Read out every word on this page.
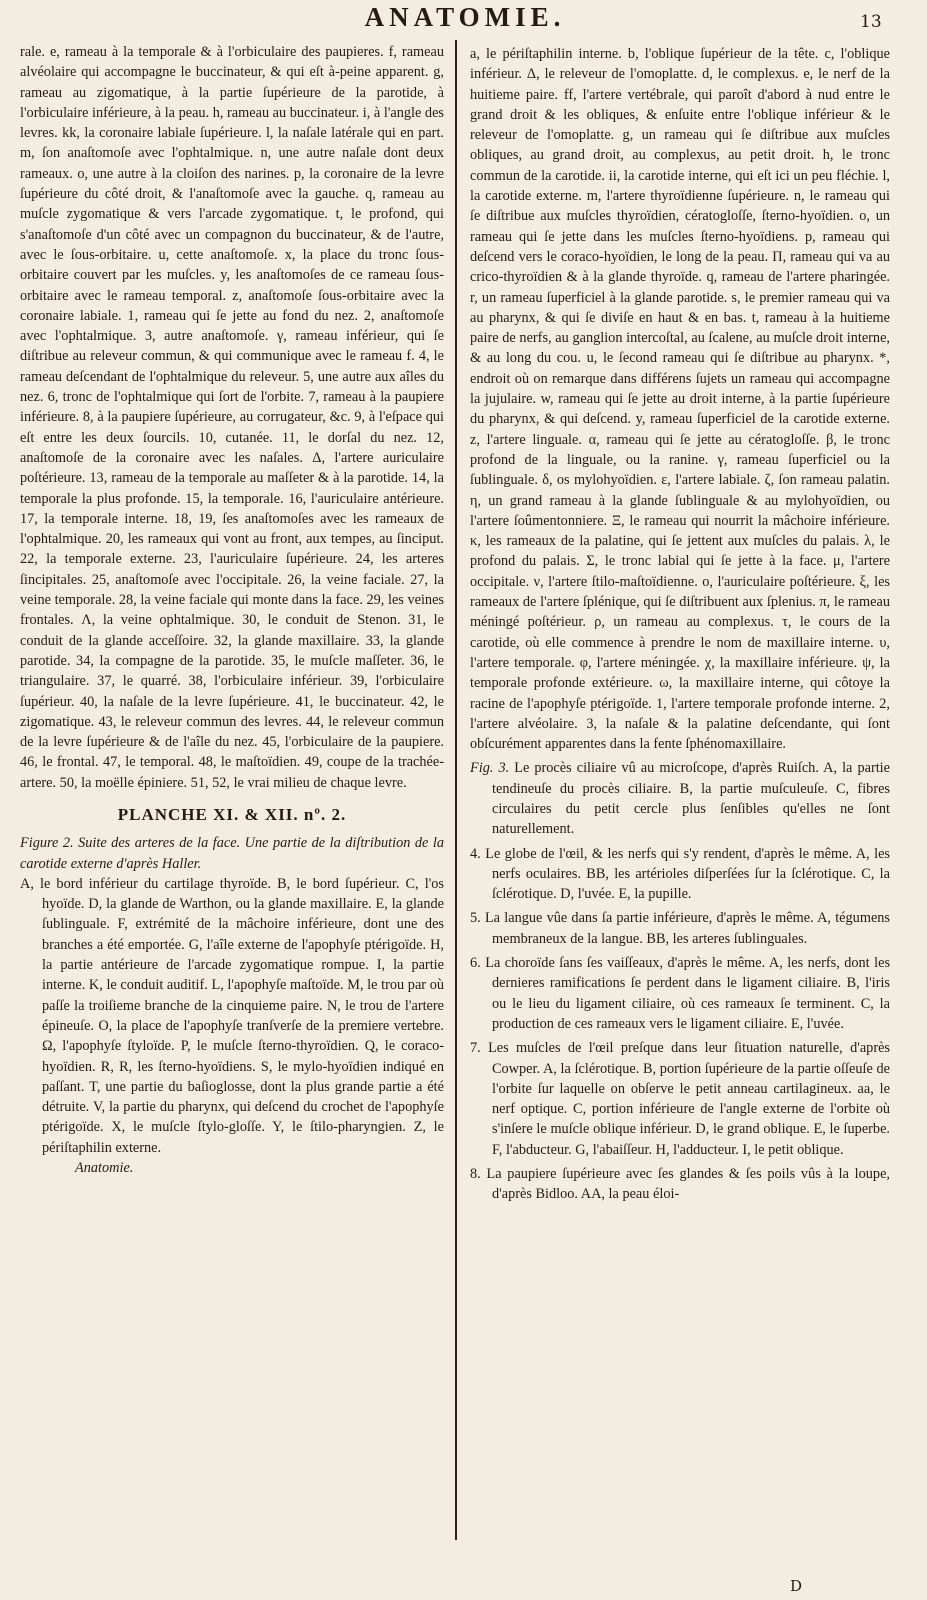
ANATOMIE.	13

rale. e, rameau à la temporale & à l'orbiculaire des paupieres. f, rameau alvéolaire qui accompagne le buccinateur, & qui eſt à-peine apparent. g, rameau au zigomatique, à la partie ſupérieure de la parotide, à l'orbiculaire inférieure, à la peau. h, rameau au buccinateur. i, à l'angle des levres. kk, la coronaire labiale ſupérieure. l, la naſale latérale qui en part. m, ſon anaſtomoſe avec l'ophtalmique. n, une autre naſale dont deux rameaux. o, une autre à la cloiſon des narines. p, la coronaire de la levre ſupérieure du côté droit, & l'anaſtomoſe avec la gauche. q, rameau au muſcle zygomatique & vers l'arcade zygomatique. t, le profond, qui s'anaſtomoſe d'un côté avec un compagnon du buccinateur, & de l'autre, avec le ſous-orbitaire. u, cette anaſtomoſe. x, la place du tronc ſous-orbitaire couvert par les muſcles. y, les anaſtomoſes de ce rameau ſous-orbitaire avec le rameau temporal. z, anaſtomoſe ſous-orbitaire avec la coronaire labiale. 1, rameau qui ſe jette au fond du nez. 2, anaſtomoſe avec l'ophtalmique. 3, autre anaſtomoſe. γ, rameau inférieur, qui ſe diſtribue au releveur commun, & qui communique avec le rameau f. 4, le rameau deſcendant de l'ophtalmique du releveur. 5, une autre aux aîles du nez. 6, tronc de l'ophtalmique qui ſort de l'orbite. 7, rameau à la paupiere inférieure. 8, à la paupiere ſupérieure, au corrugateur, &c. 9, à l'eſpace qui eſt entre les deux ſourcils. 10, cutanée. 11, le dorſal du nez. 12, anaſtomoſe de la coronaire avec les naſales. Δ, l'artere auriculaire poſtérieure. 13, rameau de la temporale au maſſeter & à la parotide. 14, la temporale la plus profonde. 15, la temporale. 16, l'auriculaire antérieure. 17, la temporale interne. 18, 19, ſes anaſtomoſes avec les rameaux de l'ophtalmique. 20, les rameaux qui vont au front, aux tempes, au ſinciput. 22, la temporale externe. 23, l'auriculaire ſupérieure. 24, les arteres ſincipitales. 25, anaſtomoſe avec l'occipitale. 26, la veine faciale. 27, la veine temporale. 28, la veine faciale qui monte dans la face. 29, les veines frontales. Λ, la veine ophtalmique. 30, le conduit de Stenon. 31, le conduit de la glande acceſſoire. 32, la glande maxillaire. 33, la glande parotide. 34, la compagne de la parotide. 35, le muſcle maſſeter. 36, le triangulaire. 37, le quarré. 38, l'orbiculaire inférieur. 39, l'orbiculaire ſupérieur. 40, la naſale de la levre ſupérieure. 41, le buccinateur. 42, le zigomatique. 43, le releveur commun des levres. 44, le releveur commun de la levre ſupérieure & de l'aîle du nez. 45, l'orbiculaire de la paupiere. 46, le frontal. 47, le temporal. 48, le maſtoïdien. 49, coupe de la trachée-artere. 50, la moëlle épiniere. 51, 52, le vrai milieu de chaque levre.

PLANCHE XI. & XII. nº. 2.

Figure 2. Suite des arteres de la face. Une partie de la diſtribution de la carotide externe d'après Haller.

A, le bord inférieur du cartilage thyroïde. B, le bord ſupérieur. C, l'os hyoïde. D, la glande de Warthon, ou la glande maxillaire. E, la glande ſublinguale. F, extrémité de la mâchoire inférieure, dont une des branches a été emportée. G, l'aîle externe de l'apophyſe ptérigoïde. H, la partie antérieure de l'arcade zygomatique rompue. I, la partie interne. K, le conduit auditif. L, l'apophyſe maſtoïde. M, le trou par où paſſe la troiſieme branche de la cinquieme paire. N, le trou de l'artere épineuſe. O, la place de l'apophyſe tranſverſe de la premiere vertebre. Ω, l'apophyſe ſtyloïde. P, le muſcle ſterno-thyroïdien. Q, le coraco-hyoïdien. R, R, les ſterno-hyoïdiens. S, le mylo-hyoïdien indiqué en paſſant. T, une partie du baſioglosse, dont la plus grande partie a été détruite. V, la partie du pharynx, qui deſcend du crochet de l'apophyſe ptérigoïde. X, le muſcle ſtylo-gloſſe. Y, le ſtilo-pharyngien. Z, le périſtaphilin externe.

Anatomie.

a, le périſtaphilin interne. b, l'oblique ſupérieur de la tête. c, l'oblique inférieur. Δ, le releveur de l'omoplatte. d, le complexus. e, le nerf de la huitieme paire. ff, l'artere vertébrale, qui paroît d'abord à nud entre le grand droit & les obliques, & enſuite entre l'oblique inférieur & le releveur de l'omoplatte. g, un rameau qui ſe diſtribue aux muſcles obliques, au grand droit, au complexus, au petit droit. h, le tronc commun de la carotide. ii, la carotide interne, qui eſt ici un peu fléchie. l, la carotide externe. m, l'artere thyroïdienne ſupérieure. n, le rameau qui ſe diſtribue aux muſcles thyroïdien, cératogloſſe, ſterno-hyoïdien. o, un rameau qui ſe jette dans les muſcles ſterno-hyoïdiens. p, rameau qui deſcend vers le coraco-hyoïdien, le long de la peau. Π, rameau qui va au crico-thyroïdien & à la glande thyroïde. q, rameau de l'artere pharingée. r, un rameau ſuperficiel à la glande parotide. s, le premier rameau qui va au pharynx, & qui ſe diviſe en haut & en bas. t, rameau à la huitieme paire de nerfs, au ganglion intercoſtal, au ſcalene, au muſcle droit interne, & au long du cou. u, le ſecond rameau qui ſe diſtribue au pharynx. *, endroit où on remarque dans différens ſujets un rameau qui accompagne la jujulaire. w, rameau qui ſe jette au droit interne, à la partie ſupérieure du pharynx, & qui deſcend. y, rameau ſuperficiel de la carotide externe. z, l'artere linguale. α, rameau qui ſe jette au cératogloſſe. β, le tronc profond de la linguale, ou la ranine. γ, rameau ſuperficiel ou la ſublinguale. δ, os mylohyoïdien. ε, l'artere labiale. ζ, ſon rameau palatin. η, un grand rameau à la glande ſublinguale & au mylohyoïdien, ou l'artere ſoûmentonniere. Ξ, le rameau qui nourrit la mâchoire inférieure. κ, les rameaux de la palatine, qui ſe jettent aux muſcles du palais. λ, le profond du palais. Σ, le tronc labial qui ſe jette à la face. μ, l'artere occipitale. ν, l'artere ſtilo-maſtoïdienne. ο, l'auriculaire poſtérieure. ξ, les rameaux de l'artere ſplénique, qui ſe diſtribuent aux ſplenius. π, le rameau méningé poſtérieur. ρ, un rameau au complexus. τ, le cours de la carotide, où elle commence à prendre le nom de maxillaire interne. υ, l'artere temporale. φ, l'artere méningée. χ, la maxillaire inférieure. ψ, la temporale profonde extérieure. ω, la maxillaire interne, qui côtoye la racine de l'apophyſe ptérigoïde. 1, l'artere temporale profonde interne. 2, l'artere alvéolaire. 3, la naſale & la palatine deſcendante, qui ſont obſcurément apparentes dans la fente ſphénomaxillaire.

Fig. 3. Le procès ciliaire vû au microſcope, d'après Ruiſch. A, la partie tendineuſe du procès ciliaire. B, la partie muſculeuſe. C, fibres circulaires du petit cercle plus ſenſibles qu'elles ne ſont naturellement.

4. Le globe de l'œil, & les nerfs qui s'y rendent, d'après le même. A, les nerfs oculaires. BB, les artérioles diſperſées ſur la ſclérotique. C, la ſclérotique. D, l'uvée. E, la pupille.

5. La langue vûe dans ſa partie inférieure, d'après le même. A, tégumens membraneux de la langue. BB, les arteres ſublinguales.

6. La choroïde ſans ſes vaiſſeaux, d'après le même. A, les nerfs, dont les dernieres ramifications ſe perdent dans le ligament ciliaire. B, l'iris ou le lieu du ligament ciliaire, où ces rameaux ſe terminent. C, la production de ces rameaux vers le ligament ciliaire. E, l'uvée.

7. Les muſcles de l'œil preſque dans leur ſituation naturelle, d'après Cowper. A, la ſclérotique. B, portion ſupérieure de la partie oſſeuſe de l'orbite ſur laquelle on obſerve le petit anneau cartilagineux. aa, le nerf optique. C, portion inférieure de l'angle externe de l'orbite où s'inſere le muſcle oblique inférieur. D, le grand oblique. E, le ſuperbe. F, l'abducteur. G, l'abaiſſeur. H, l'adducteur. I, le petit oblique.

8. La paupiere ſupérieure avec ſes glandes & ſes poils vûs à la loupe, d'après Bidloo. AA, la peau éloi-

D
